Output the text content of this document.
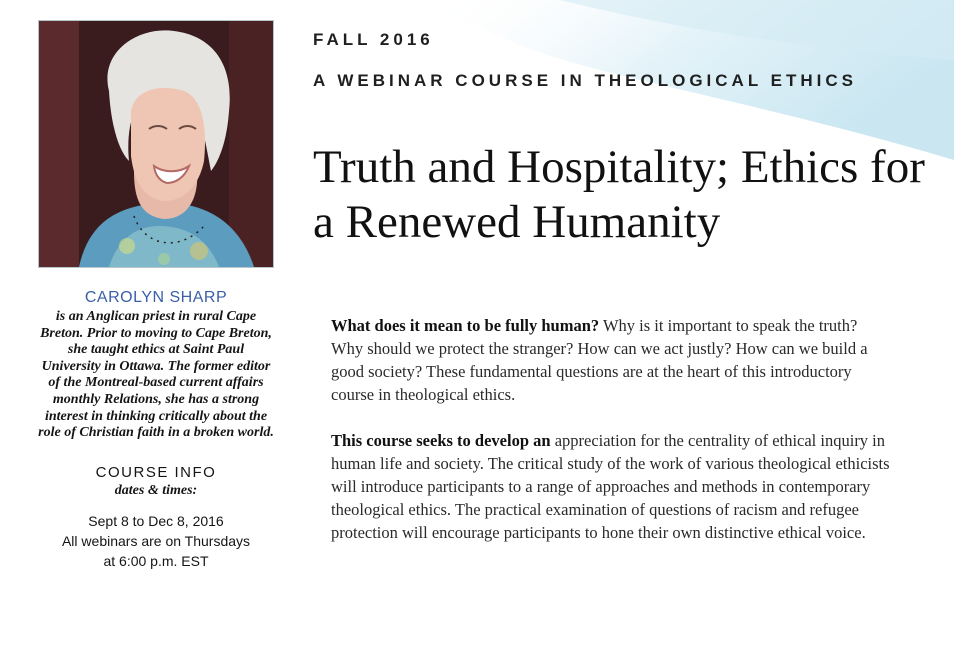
FALL 2016
A WEBINAR COURSE IN THEOLOGICAL ETHICS
Truth and Hospitality; Ethics for a Renewed Humanity
CAROLYN SHARP
is an Anglican priest in rural Cape Breton. Prior to moving to Cape Breton, she taught ethics at Saint Paul University in Ottawa. The former editor of the Montreal-based current affairs monthly Relations, she has a strong interest in thinking critically about the role of Christian faith in a broken world.
COURSE INFO
dates & times:
Sept 8 to Dec 8, 2016
All webinars are on Thursdays
at 6:00 p.m. EST

What does it mean to be fully human? Why is it important to speak the truth? Why should we protect the stranger? How can we act justly? How can we build a good society? These fundamental questions are at the heart of this introductory course in theological ethics.

This course seeks to develop an appreciation for the centrality of ethical inquiry in human life and society. The critical study of the work of various theological ethicists will introduce participants to a range of approaches and methods in contemporary theological ethics. The practical examination of questions of racism and refugee protection will encourage participants to hone their own distinctive ethical voice.
